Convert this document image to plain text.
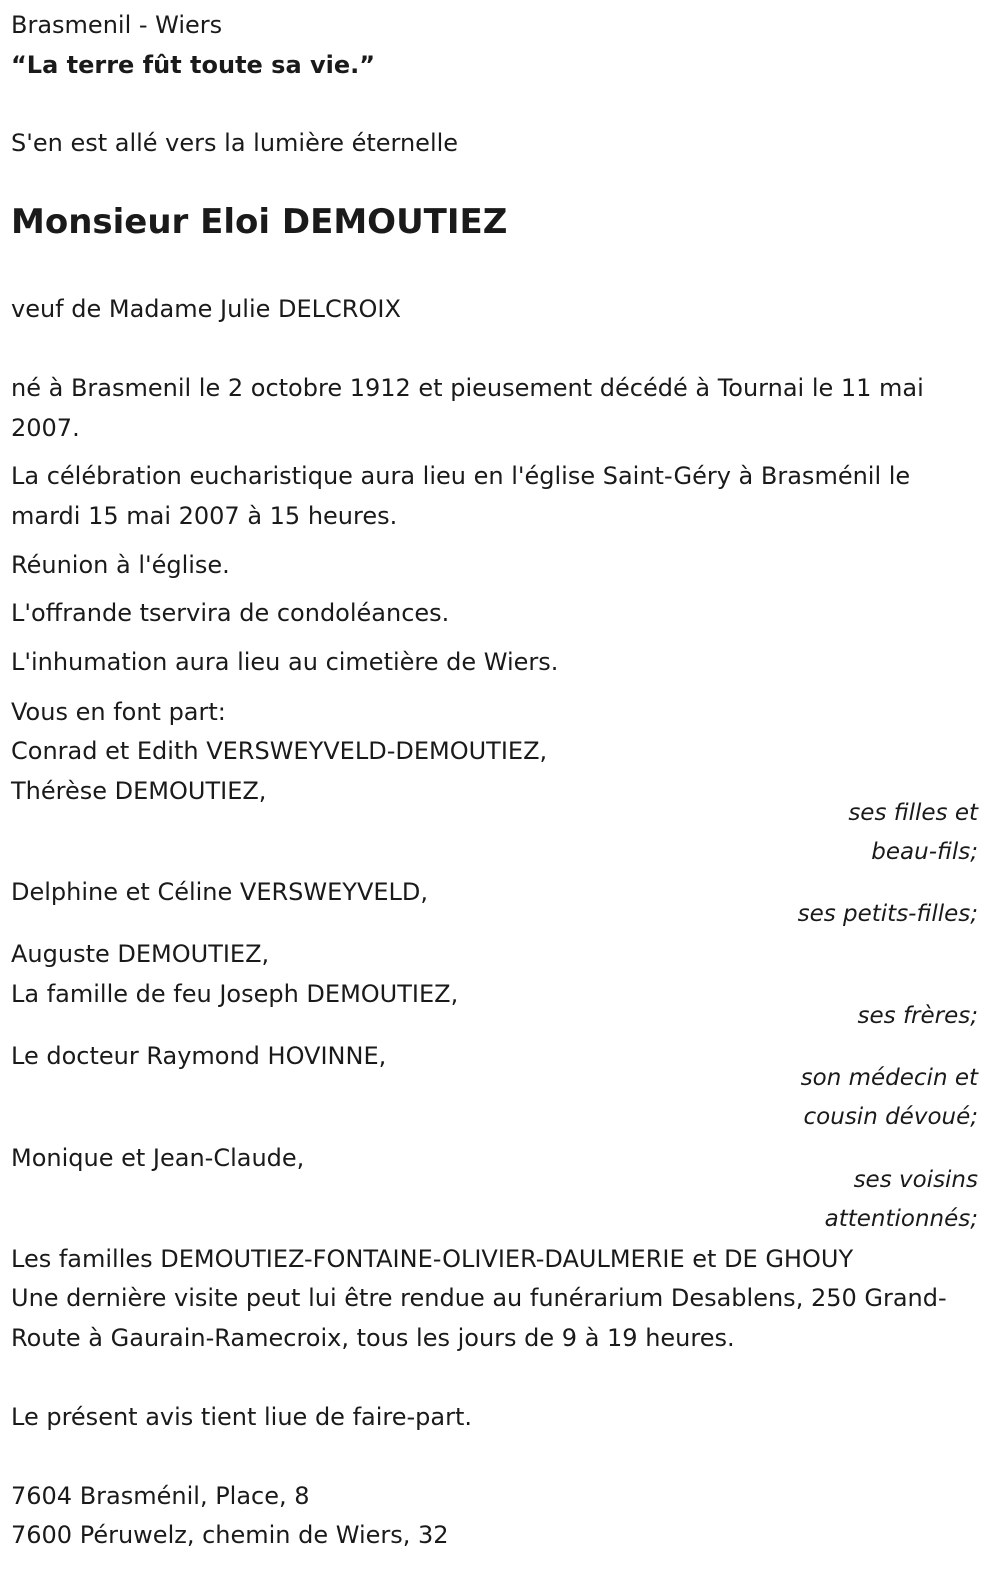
Brasmenil - Wiers

“La terre fût toute sa vie.”

S'en est allé vers la lumière éternelle

Monsieur Eloi DEMOUTIEZ

veuf de Madame Julie DELCROIX

né à Brasmenil le 2 octobre 1912 et pieusement décédé à Tournai le 11 mai 2007.

La célébration eucharistique aura lieu en l'église Saint-Géry à Brasménil le mardi 15 mai 2007 à 15 heures.

Réunion à l'église.

L'offrande tservira de condoléances.

L'inhumation aura lieu au cimetière de Wiers.

Vous en font part:

Conrad et Edith VERSWEYVELD-DEMOUTIEZ,

Thérèse DEMOUTIEZ,

ses filles et
beau-fils;

Delphine et Céline VERSWEYVELD,

ses petits-filles;

Auguste DEMOUTIEZ,

La famille de feu Joseph DEMOUTIEZ,

ses frères;

Le docteur Raymond HOVINNE,

son médecin et
cousin dévoué;

Monique et Jean-Claude,

ses voisins
attentionnés;

Les familles DEMOUTIEZ-FONTAINE-OLIVIER-DAULMERIE et DE GHOUY

Une dernière visite peut lui être rendue au funérarium Desablens, 250 Grand-Route à Gaurain-Ramecroix, tous les jours de 9 à 19 heures.

Le présent avis tient liue de faire-part.

7604 Brasménil, Place, 8

7600 Péruwelz, chemin de Wiers, 32
